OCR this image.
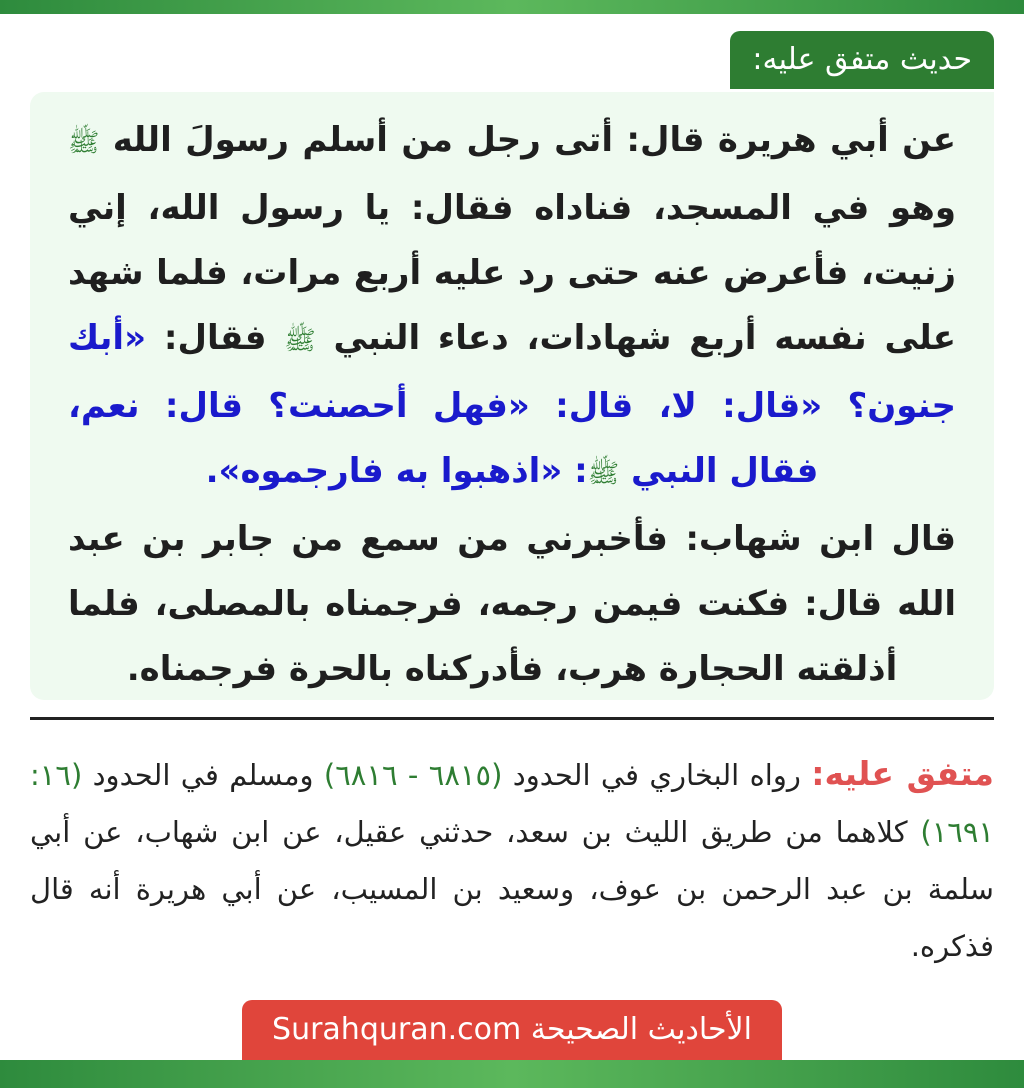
حديث متفق عليه:

عن أبي هريرة قال: أتى رجل من أسلم رسولَ الله ﷺ وهو في المسجد، فناداه فقال: يا رسول الله، إني زنيت، فأعرض عنه حتى رد عليه أربع مرات، فلما شهد على نفسه أربع شهادات، دعاء النبي ﷺ فقال: «أبك جنون؟ «قال: لا، قال: «فهل أحصنت؟ قال: نعم، فقال النبي ﷺ: «اذهبوا به فارجموه».

قال ابن شهاب: فأخبرني من سمع من جابر بن عبد الله قال: فكنت فيمن رجمه، فرجمناه بالمصلى، فلما أذلقته الحجارة هرب، فأدركناه بالحرة فرجمناه.

متفق عليه: رواه البخاري في الحدود (٦٨١٥ - ٦٨١٦) ومسلم في الحدود (١٦: ١٦٩١) كلاهما من طريق الليث بن سعد، حدثني عقيل، عن ابن شهاب، عن أبي سلمة بن عبد الرحمن بن عوف، وسعيد بن المسيب، عن أبي هريرة أنه قال فذكره.

الأحاديث الصحيحة Surahquran.com
